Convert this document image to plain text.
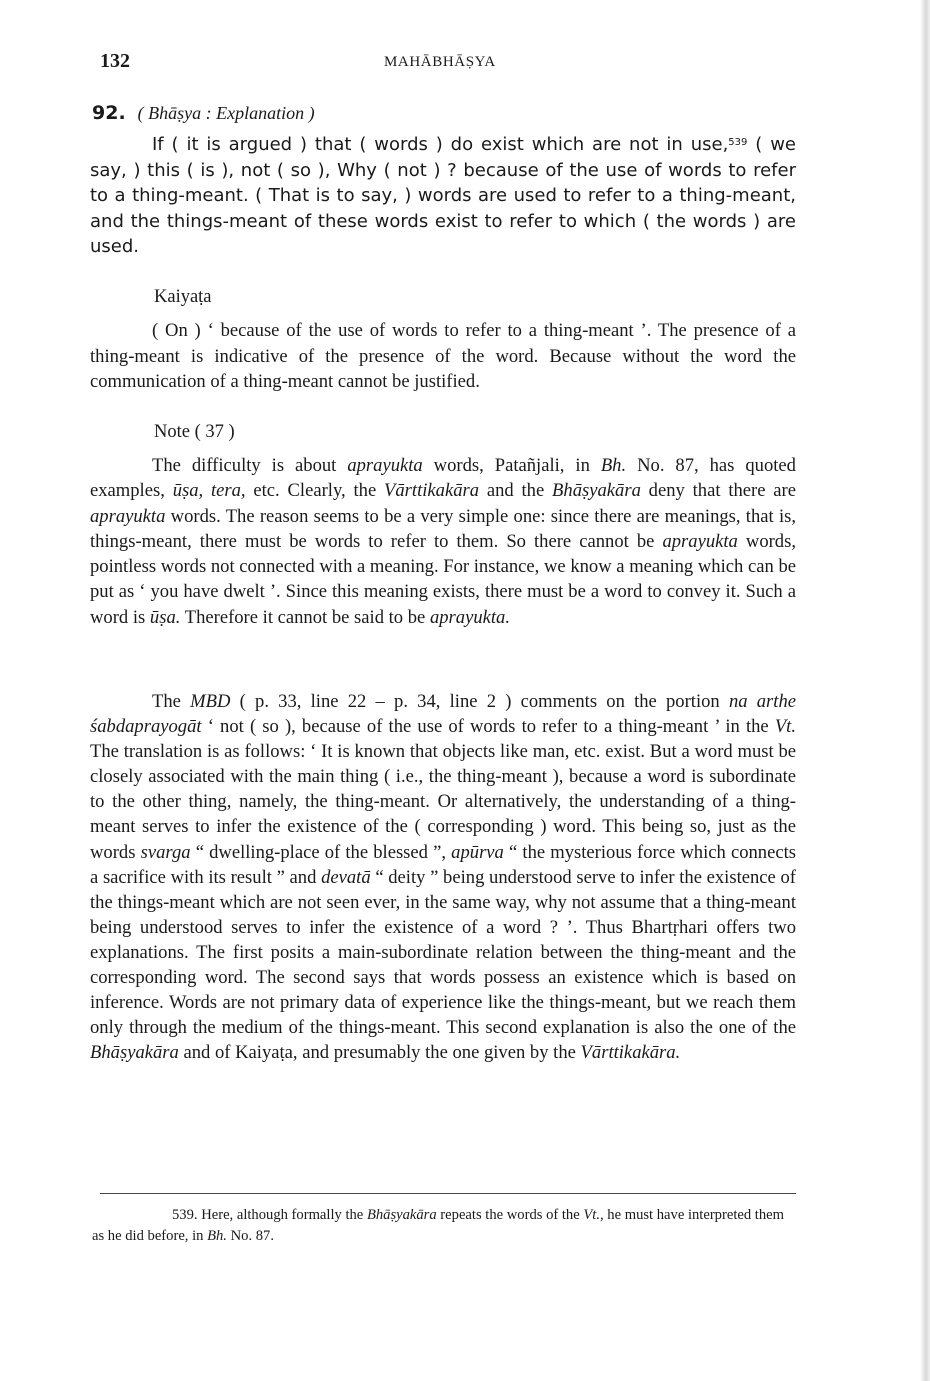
132	MAHĀBHĀṢYA
92. ( Bhāṣya : Explanation )

If ( it is argued ) that ( words ) do exist which are not in use,$^{539}$ ( we say, ) this ( is ), not ( so ), Why ( not ) ? because of the use of words to refer to a thing-meant. ( That is to say, ) words are used to refer to a thing-meant, and the things-meant of these words exist to refer to which ( the words ) are used.

Kaiyaṭa

( On ) ‘ because of the use of words to refer to a thing-meant ’. The presence of a thing-meant is indicative of the presence of the word. Because without the word the communication of a thing-meant cannot be justified.

Note ( 37 )

The difficulty is about aprayukta words, Patañjali, in Bh. No. 87, has quoted examples, ūṣa, tera, etc. Clearly, the Vārttikakāra and the Bhāṣyakāra deny that there are aprayukta words. The reason seems to be a very simple one: since there are meanings, that is, things-meant, there must be words to refer to them. So there cannot be aprayukta words, pointless words not connected with a meaning. For instance, we know a meaning which can be put as ‘ you have dwelt ’. Since this meaning exists, there must be a word to convey it. Such a word is ūṣa. Therefore it cannot be said to be aprayukta.

The MBD ( p. 33, line 22 – p. 34, line 2 ) comments on the portion na arthe śabdaprayogāt ‘ not ( so ), because of the use of words to refer to a thing-meant ’ in the Vt. The translation is as follows: ‘ It is known that objects like man, etc. exist. But a word must be closely associated with the main thing ( i.e., the thing-meant ), because a word is subordinate to the other thing, namely, the thing-meant. Or alternatively, the understanding of a thing-meant serves to infer the existence of the ( corresponding ) word. This being so, just as the words svarga “ dwelling-place of the blessed ”, apūrva “ the mysterious force which connects a sacrifice with its result ” and devatā “ deity ” being understood serve to infer the existence of the things-meant which are not seen ever, in the same way, why not assume that a thing-meant being understood serves to infer the existence of a word ? ’. Thus Bhartṛhari offers two explanations. The first posits a main-subordinate relation between the thing-meant and the corresponding word. The second says that words possess an existence which is based on inference. Words are not primary data of experience like the things-meant, but we reach them only through the medium of the things-meant. This second explanation is also the one of the Bhāṣyakāra and of Kaiyaṭa, and presumably the one given by the Vārttikakāra.

539. Here, although formally the Bhāṣyakāra repeats the words of the Vt., he must have interpreted them as he did before, in Bh. No. 87.
